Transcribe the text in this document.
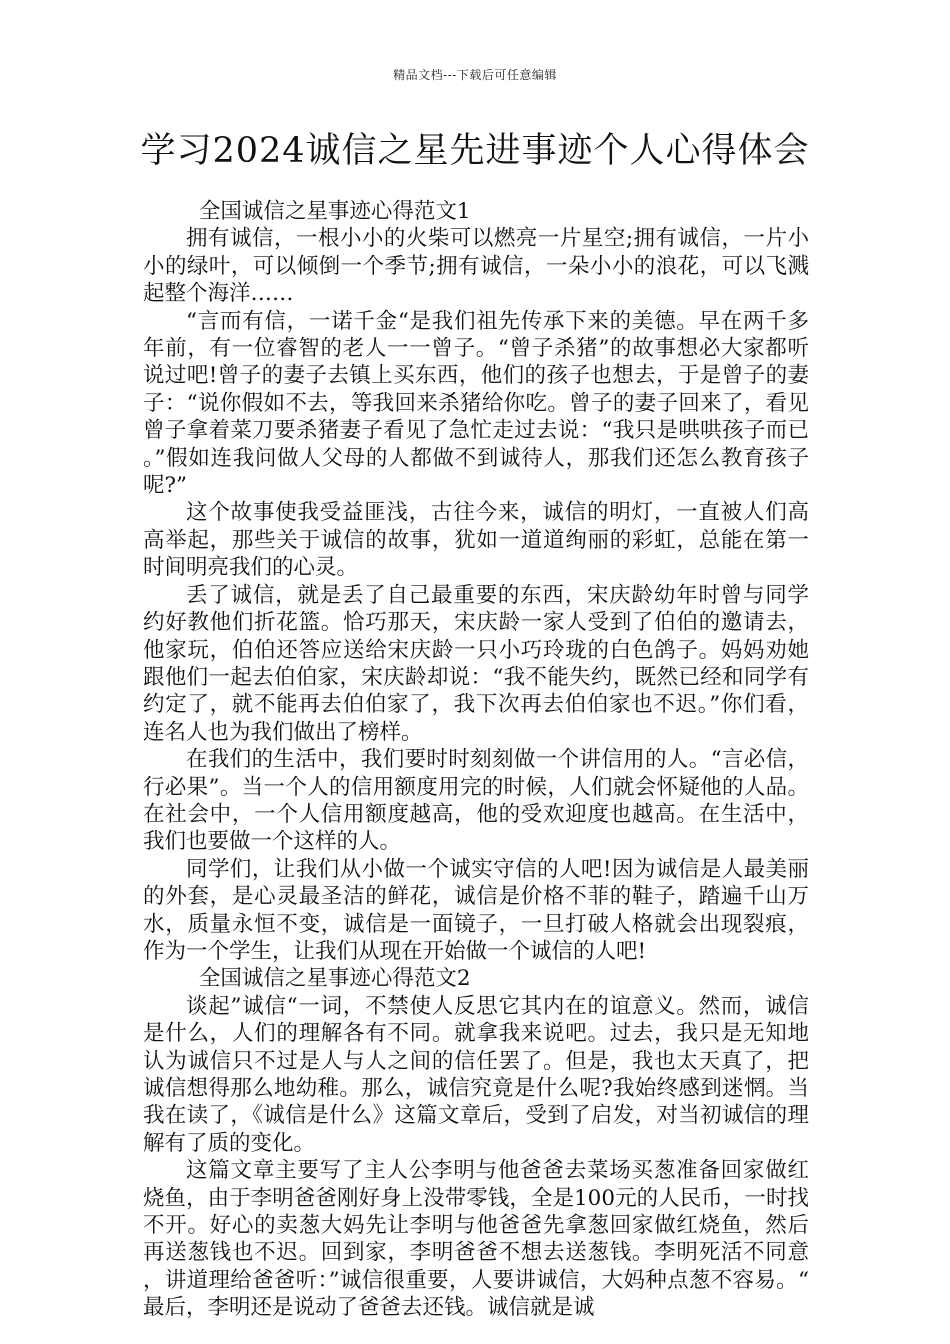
精品文档---下载后可任意编辑
学习2024诚信之星先进事迹个人心得体会

全国诚信之星事迹心得范文1

拥有诚信，一根小小的火柴可以燃亮一片星空;拥有诚信，一片小小的绿叶，可以倾倒一个季节;拥有诚信，一朵小小的浪花，可以飞溅起整个海洋……

“言而有信，一诺千金“是我们祖先传承下来的美德。早在两千多年前，有一位睿智的老人一一曾子。“曾子杀猪”的故事想必大家都听说过吧!曾子的妻子去镇上买东西，他们的孩子也想去，于是曾子的妻子：“说你假如不去，等我回来杀猪给你吃。曾子的妻子回来了，看见曾子拿着菜刀要杀猪妻子看见了急忙走过去说：“我只是哄哄孩子而已。”假如连我问做人父母的人都做不到诚待人，那我们还怎么教育孩子呢?”

这个故事使我受益匪浅，古往今来，诚信的明灯，一直被人们高高举起，那些关于诚信的故事，犹如一道道绚丽的彩虹，总能在第一时间明亮我们的心灵。

丢了诚信，就是丢了自己最重要的东西，宋庆龄幼年时曾与同学约好教他们折花篮。恰巧那天，宋庆龄一家人受到了伯伯的邀请去，他家玩，伯伯还答应送给宋庆龄一只小巧玲珑的白色鸽子。妈妈劝她跟他们一起去伯伯家，宋庆龄却说：“我不能失约，既然已经和同学有约定了，就不能再去伯伯家了，我下次再去伯伯家也不迟。”你们看，连名人也为我们做出了榜样。

在我们的生活中，我们要时时刻刻做一个讲信用的人。“言必信，行必果”。当一个人的信用额度用完的时候，人们就会怀疑他的人品。在社会中，一个人信用额度越高，他的受欢迎度也越高。在生活中，我们也要做一个这样的人。

同学们，让我们从小做一个诚实守信的人吧!因为诚信是人最美丽的外套，是心灵最圣洁的鲜花，诚信是价格不菲的鞋子，踏遍千山万水，质量永恒不变，诚信是一面镜子，一旦打破人格就会出现裂痕，作为一个学生，让我们从现在开始做一个诚信的人吧!

全国诚信之星事迹心得范文2

谈起”诚信“一词，不禁使人反思它其内在的谊意义。然而，诚信是什么，人们的理解各有不同。就拿我来说吧。过去，我只是无知地认为诚信只不过是人与人之间的信任罢了。但是，我也太天真了，把诚信想得那么地幼稚。那么，诚信究竟是什么呢?我始终感到迷惘。当我在读了，《诚信是什么》这篇文章后，受到了启发，对当初诚信的理解有了质的变化。

这篇文章主要写了主人公李明与他爸爸去菜场买葱准备回家做红烧鱼，由于李明爸爸刚好身上没带零钱，全是100元的人民币，一时找不开。好心的卖葱大妈先让李明与他爸爸先拿葱回家做红烧鱼，然后再送葱钱也不迟。回到家，李明爸爸不想去送葱钱。李明死活不同意，讲道理给爸爸听：”诚信很重要，人要讲诚信，大妈种点葱不容易。“最后，李明还是说动了爸爸去还钱。诚信就是诚
